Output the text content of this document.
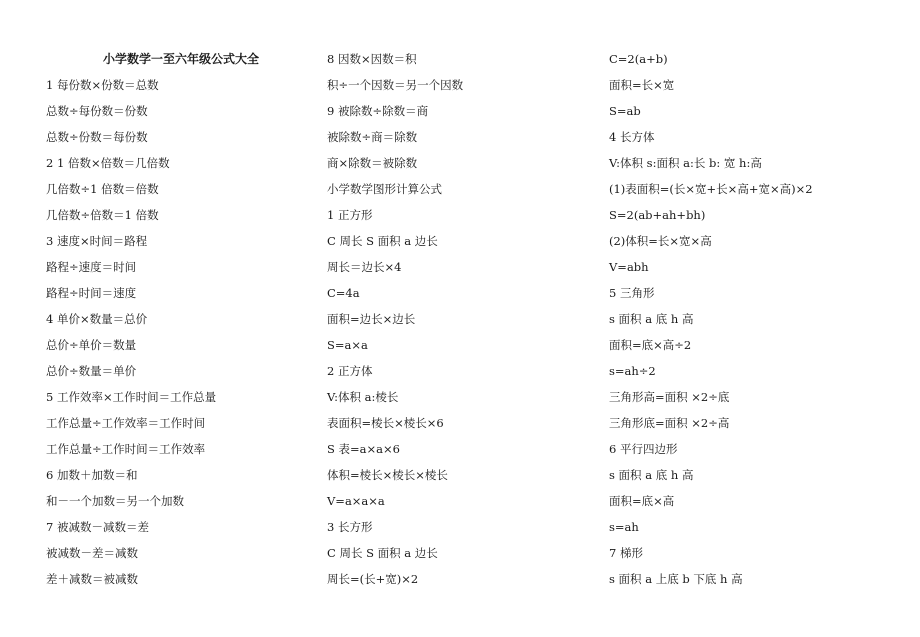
小学数学一至六年级公式大全
1 每份数×份数＝总数
总数÷每份数＝份数
总数÷份数＝每份数
2 1 倍数×倍数＝几倍数
几倍数÷1 倍数＝倍数
几倍数÷倍数＝1 倍数
3 速度×时间＝路程
路程÷速度＝时间
路程÷时间＝速度
4 单价×数量＝总价
总价÷单价＝数量
总价÷数量＝单价
5 工作效率×工作时间＝工作总量
工作总量÷工作效率＝工作时间
工作总量÷工作时间＝工作效率
6 加数＋加数＝和
和－一个加数＝另一个加数
7 被减数－减数＝差
被减数－差＝减数
差＋减数＝被减数
8 因数×因数＝积
积÷一个因数＝另一个因数
9 被除数÷除数＝商
被除数÷商＝除数
商×除数＝被除数
小学数学图形计算公式
1 正方形
C 周长 S 面积 a 边长
周长＝边长×4
C=4a
面积=边长×边长
S=a×a
2 正方体
V:体积 a:棱长
表面积=棱长×棱长×6
S 表=a×a×6
体积=棱长×棱长×棱长
V=a×a×a
3 长方形
C 周长 S 面积 a 边长
周长=(长+宽)×2
C=2(a+b)
面积=长×宽
S=ab
4 长方体
V:体积 s:面积 a:长 b: 宽 h:高
(1)表面积=(长×宽+长×高+宽×高)×2
S=2(ab+ah+bh)
(2)体积=长×宽×高
V=abh
5 三角形
s 面积 a 底 h 高
面积=底×高÷2
s=ah÷2
三角形高=面积 ×2÷底
三角形底=面积 ×2÷高
6 平行四边形
s 面积 a 底 h 高
面积=底×高
s=ah
7 梯形
s 面积 a 上底 b 下底 h 高
